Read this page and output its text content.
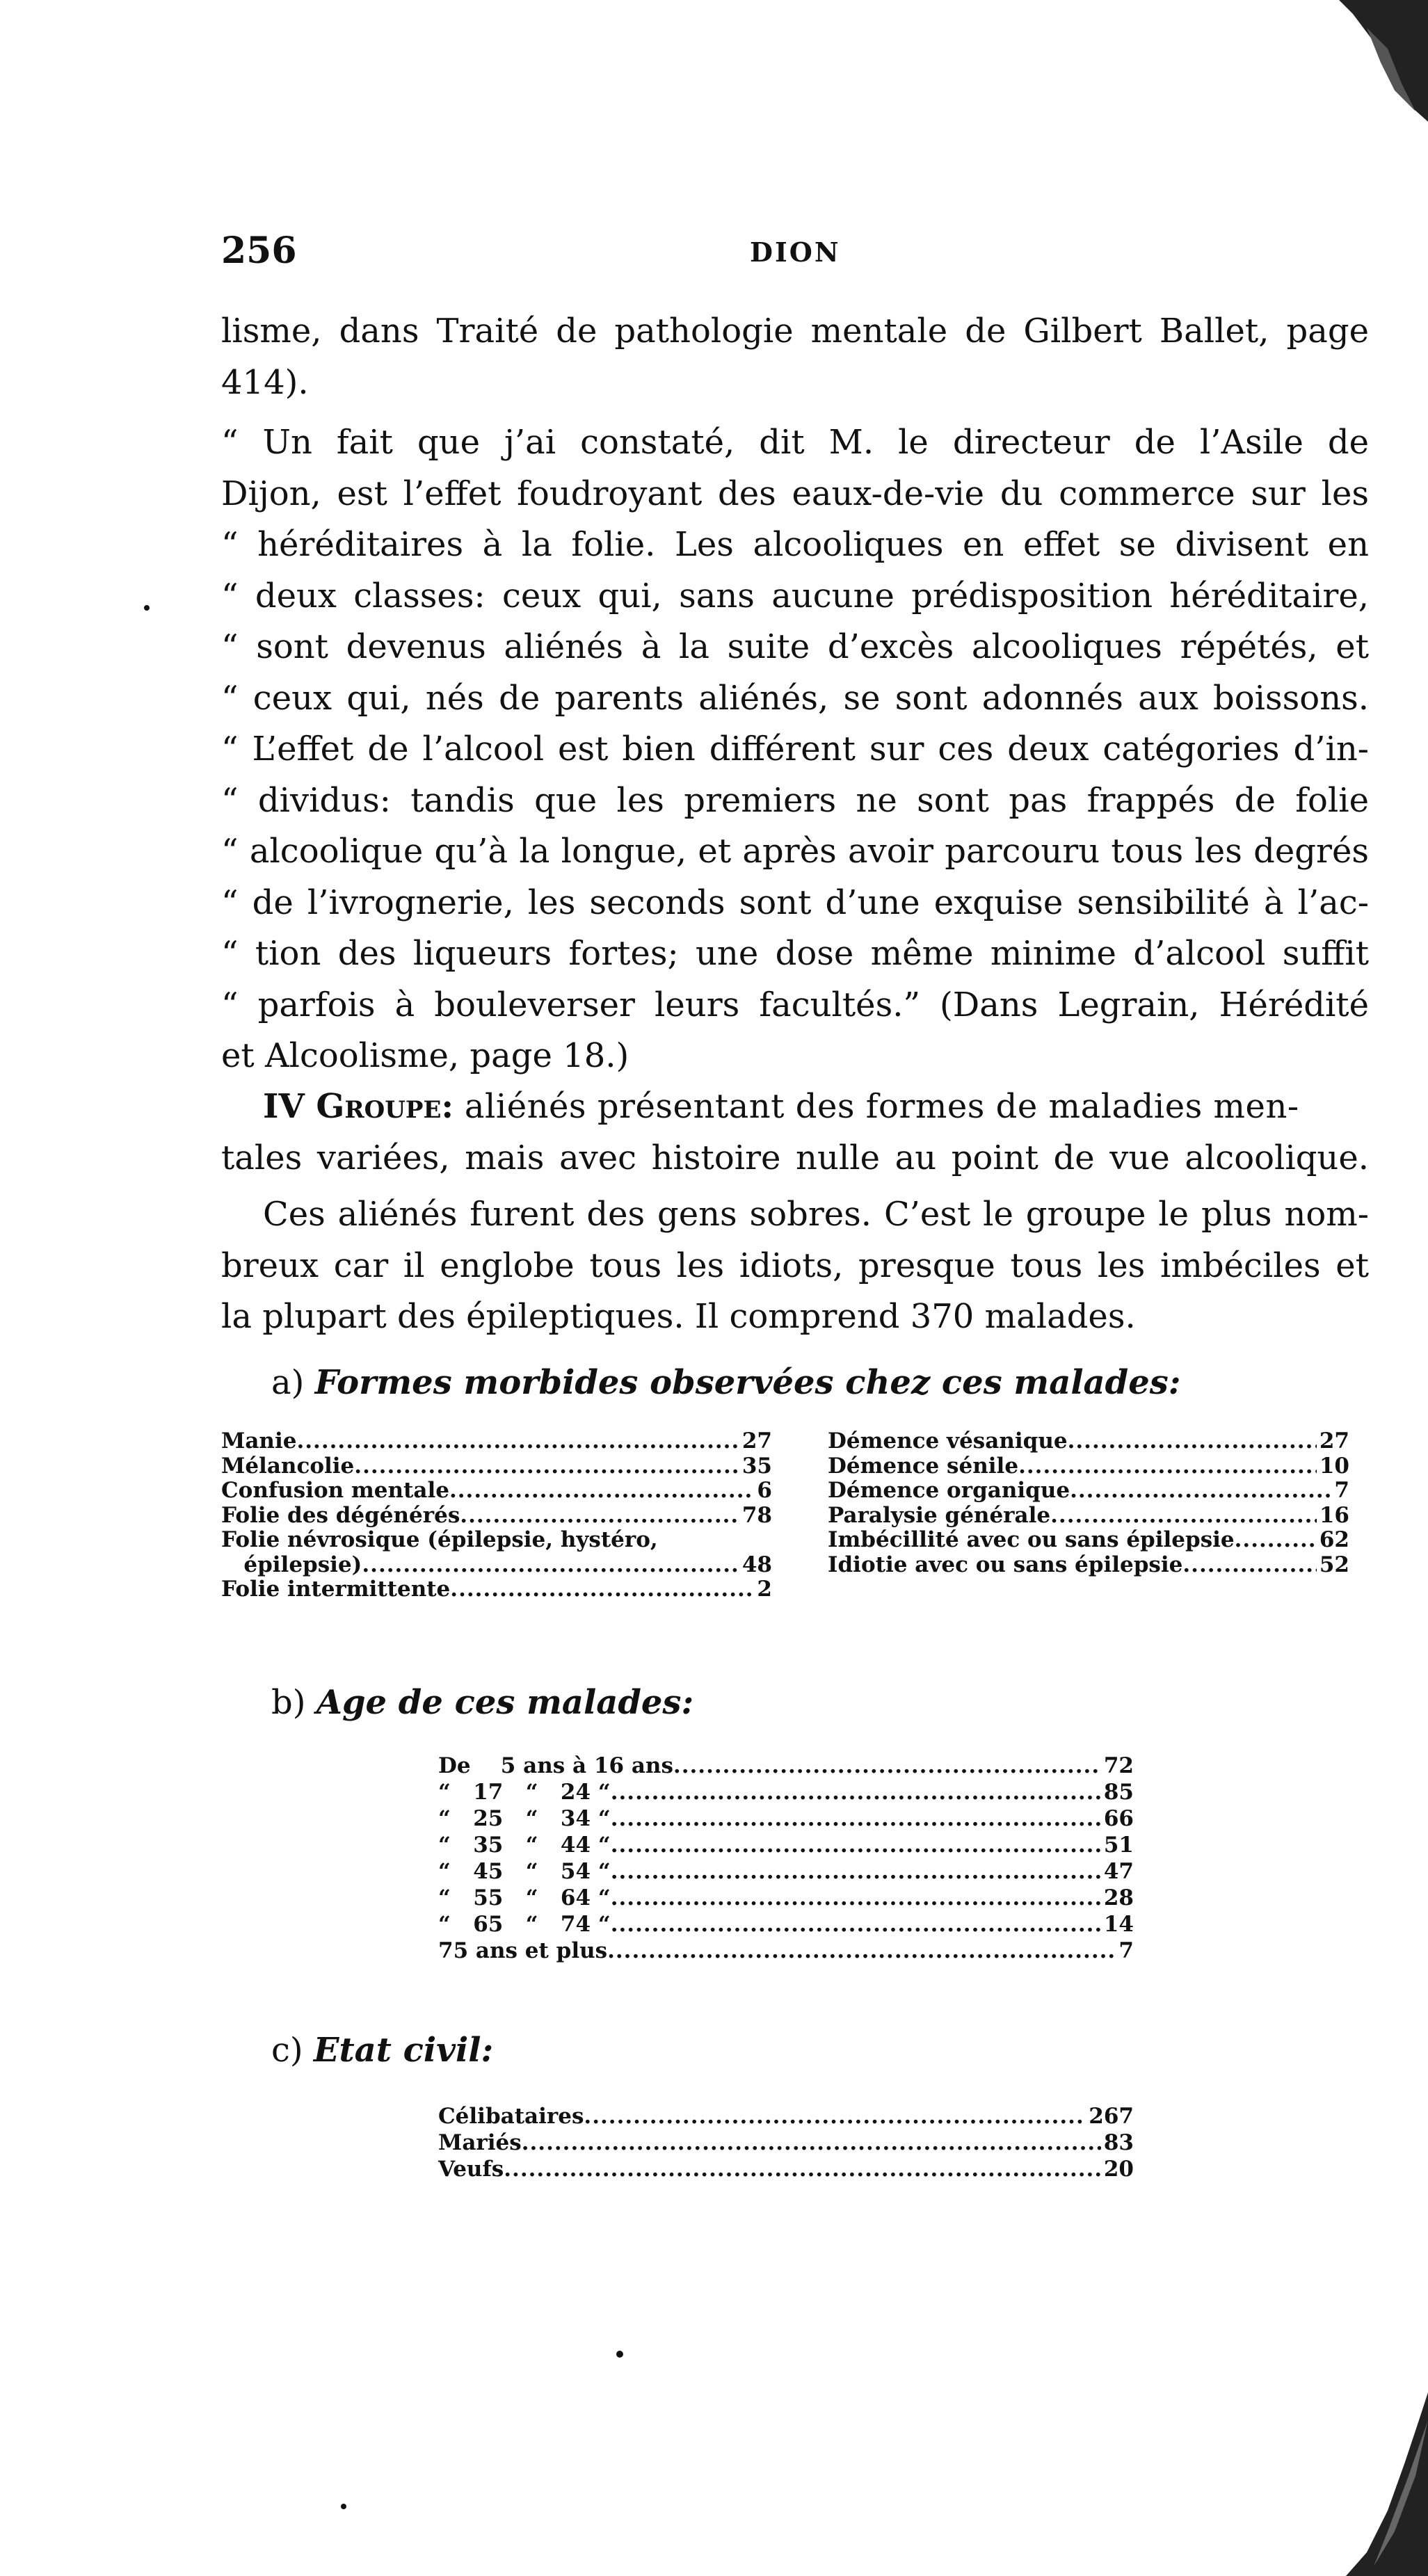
256	DION
lisme, dans Traité de pathologie mentale de Gilbert Ballet, page
414).
“ Un fait que j’ai constaté, dit M. le directeur de l’Asile de
Dijon, est l’effet foudroyant des eaux-de-vie du commerce sur les
“ héréditaires à la folie. Les alcooliques en effet se divisent en
“ deux classes: ceux qui, sans aucune prédisposition héréditaire,
“ sont devenus aliénés à la suite d’excès alcooliques répétés, et
“ ceux qui, nés de parents aliénés, se sont adonnés aux boissons.
“ L’effet de l’alcool est bien différent sur ces deux catégories d’in-
“ dividus: tandis que les premiers ne sont pas frappés de folie
“ alcoolique qu’à la longue, et après avoir parcouru tous les degrés
“ de l’ivrognerie, les seconds sont d’une exquise sensibilité à l’ac-
“ tion des liqueurs fortes; une dose même minime d’alcool suffit
“ parfois à bouleverser leurs facultés.” (Dans Legrain, Hérédité
et Alcoolisme, page 18.)
IV Groupe: aliénés présentant des formes de maladies men-
tales variées, mais avec histoire nulle au point de vue alcoolique.
Ces aliénés furent des gens sobres. C’est le groupe le plus nom-
breux car il englobe tous les idiots, presque tous les imbéciles et
la plupart des épileptiques. Il comprend 370 malades.
a) Formes morbides observées chez ces malades:
Manie .....	27
Mélancolie .....	35
Confusion mentale .....	6
Folie des dégénérés .....	78
Folie névrosique (épilepsie, hystéro,
épilepsie) .....	48
Folie intermittente .....	2
Démence vésanique .....	27
Démence sénile .....	10
Démence organique .....	7
Paralysie générale .....	16
Imbécillité avec ou sans épilepsie .....	62
Idiotie avec ou sans épilepsie .....	52
b) Age de ces malades:
De    5 ans à 16 ans .....	72
“   17   “   24 “ .....	85
“   25   “   34 “ .....	66
“   35   “   44 “ .....	51
“   45   “   54 “ .....	47
“   55   “   64 “ .....	28
“   65   “   74 “ .....	14
75 ans et plus .....	7
c) Etat civil:
Célibataires .....	267
Mariés .....	83
Veufs .....	20
